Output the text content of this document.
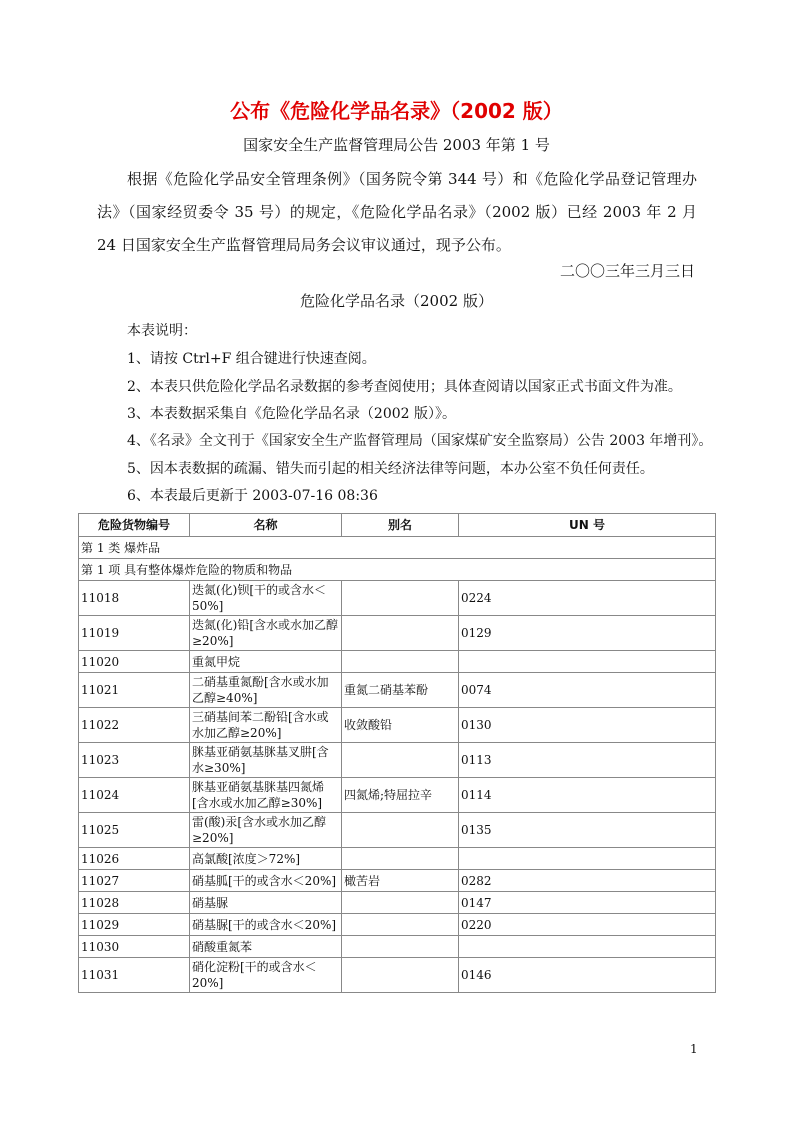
公布《危险化学品名录》（2002 版）
国家安全生产监督管理局公告 2003 年第 1 号
根据《危险化学品安全管理条例》（国务院令第 344 号）和《危险化学品登记管理办法》（国家经贸委令 35 号）的规定，《危险化学品名录》（2002 版）已经 2003 年 2 月 24 日国家安全生产监督管理局局务会议审议通过，现予公布。
二〇〇三年三月三日
危险化学品名录（2002 版）
本表说明：
1、请按 Ctrl+F 组合键进行快速查阅。
2、本表只供危险化学品名录数据的参考查阅使用；具体查阅请以国家正式书面文件为准。
3、本表数据采集自《危险化学品名录（2002 版）》。
4、《名录》全文刊于《国家安全生产监督管理局（国家煤矿安全监察局）公告 2003 年增刊》。
5、因本表数据的疏漏、错失而引起的相关经济法律等问题，本办公室不负任何责任。
6、本表最后更新于 2003-07-16 08:36
危险货物编号	名称	别名	UN 号
第 1 类 爆炸品			
第 1 项 具有整体爆炸危险的物质和物品			
11018	迭氮(化)钡[干的或含水＜50%]		0224
11019	迭氮(化)铅[含水或水加乙醇≥20%]		0129
11020	重氮甲烷		
11021	二硝基重氮酚[含水或水加乙醇≥40%]	重氮二硝基苯酚	0074
11022	三硝基间苯二酚铅[含水或水加乙醇≥20%]	收敛酸铅	0130
11023	脒基亚硝氨基脒基叉肼[含水≥30%]		0113
11024	脒基亚硝氨基脒基四氮烯[含水或水加乙醇≥30%]	四氮烯;特屈拉辛	0114
11025	雷(酸)汞[含水或水加乙醇≥20%]		0135
11026	高氯酸[浓度＞72%]		
11027	硝基胍[干的或含水＜20%]	橄苦岩	0282
11028	硝基脲		0147
11029	硝基脲[干的或含水＜20%]		0220
11030	硝酸重氮苯		
11031	硝化淀粉[干的或含水＜20%]		0146
1
